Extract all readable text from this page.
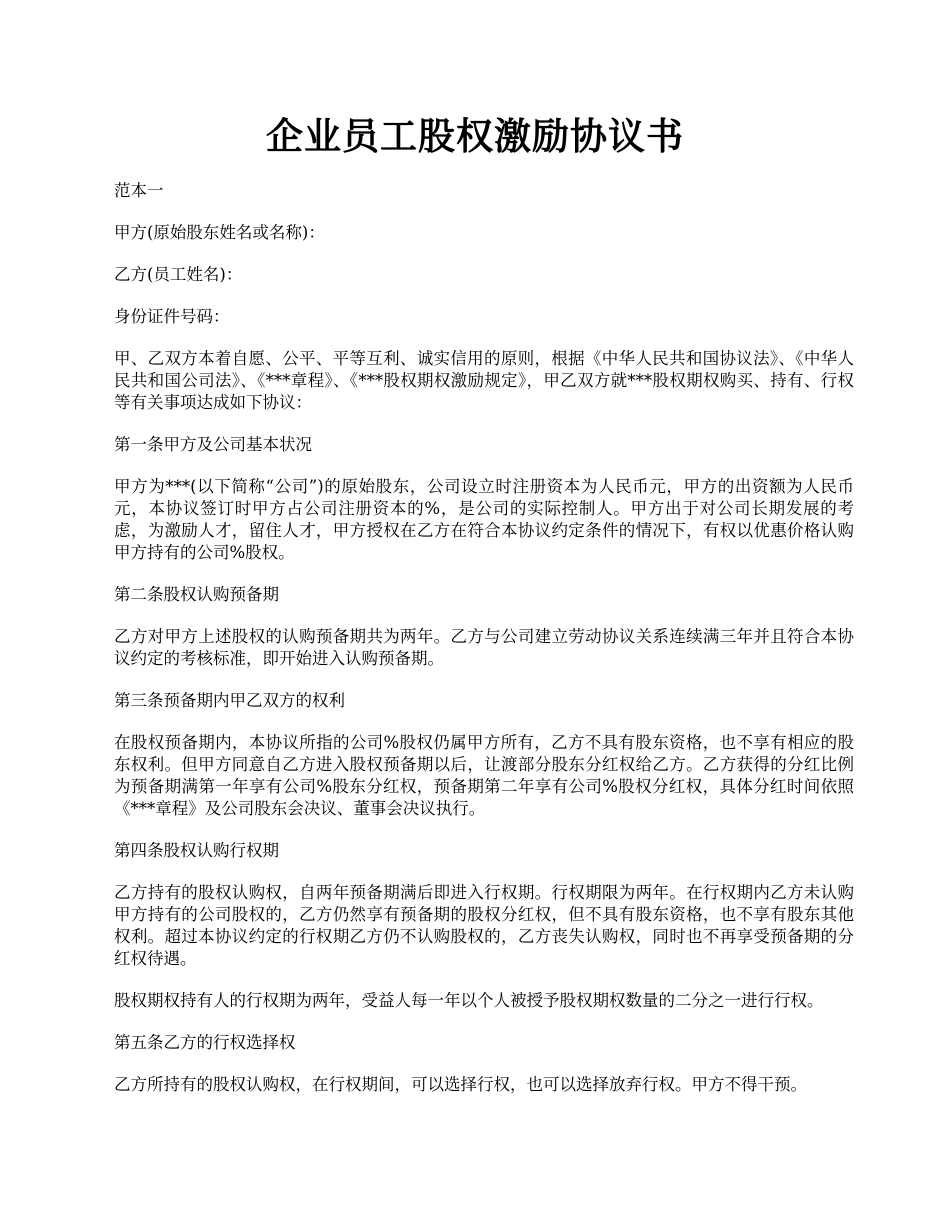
企业员工股权激励协议书

范本一

甲方(原始股东姓名或名称)：

乙方(员工姓名)：

身份证件号码：

甲、乙双方本着自愿、公平、平等互利、诚实信用的原则，根据《中华人民共和国协议法》、《中华人民共和国公司法》、《***章程》、《***股权期权激励规定》，甲乙双方就***股权期权购买、持有、行权等有关事项达成如下协议：

第一条甲方及公司基本状况

甲方为***(以下简称“公司”)的原始股东，公司设立时注册资本为人民币元，甲方的出资额为人民币元，本协议签订时甲方占公司注册资本的%，是公司的实际控制人。甲方出于对公司长期发展的考虑，为激励人才，留住人才，甲方授权在乙方在符合本协议约定条件的情况下，有权以优惠价格认购甲方持有的公司%股权。

第二条股权认购预备期

乙方对甲方上述股权的认购预备期共为两年。乙方与公司建立劳动协议关系连续满三年并且符合本协议约定的考核标准，即开始进入认购预备期。

第三条预备期内甲乙双方的权利

在股权预备期内，本协议所指的公司%股权仍属甲方所有，乙方不具有股东资格，也不享有相应的股东权利。但甲方同意自乙方进入股权预备期以后，让渡部分股东分红权给乙方。乙方获得的分红比例为预备期满第一年享有公司%股东分红权，预备期第二年享有公司%股权分红权，具体分红时间依照《***章程》及公司股东会决议、董事会决议执行。

第四条股权认购行权期

乙方持有的股权认购权，自两年预备期满后即进入行权期。行权期限为两年。在行权期内乙方未认购甲方持有的公司股权的，乙方仍然享有预备期的股权分红权，但不具有股东资格，也不享有股东其他权利。超过本协议约定的行权期乙方仍不认购股权的，乙方丧失认购权，同时也不再享受预备期的分红权待遇。

股权期权持有人的行权期为两年，受益人每一年以个人被授予股权期权数量的二分之一进行行权。

第五条乙方的行权选择权

乙方所持有的股权认购权，在行权期间，可以选择行权，也可以选择放弃行权。甲方不得干预。
